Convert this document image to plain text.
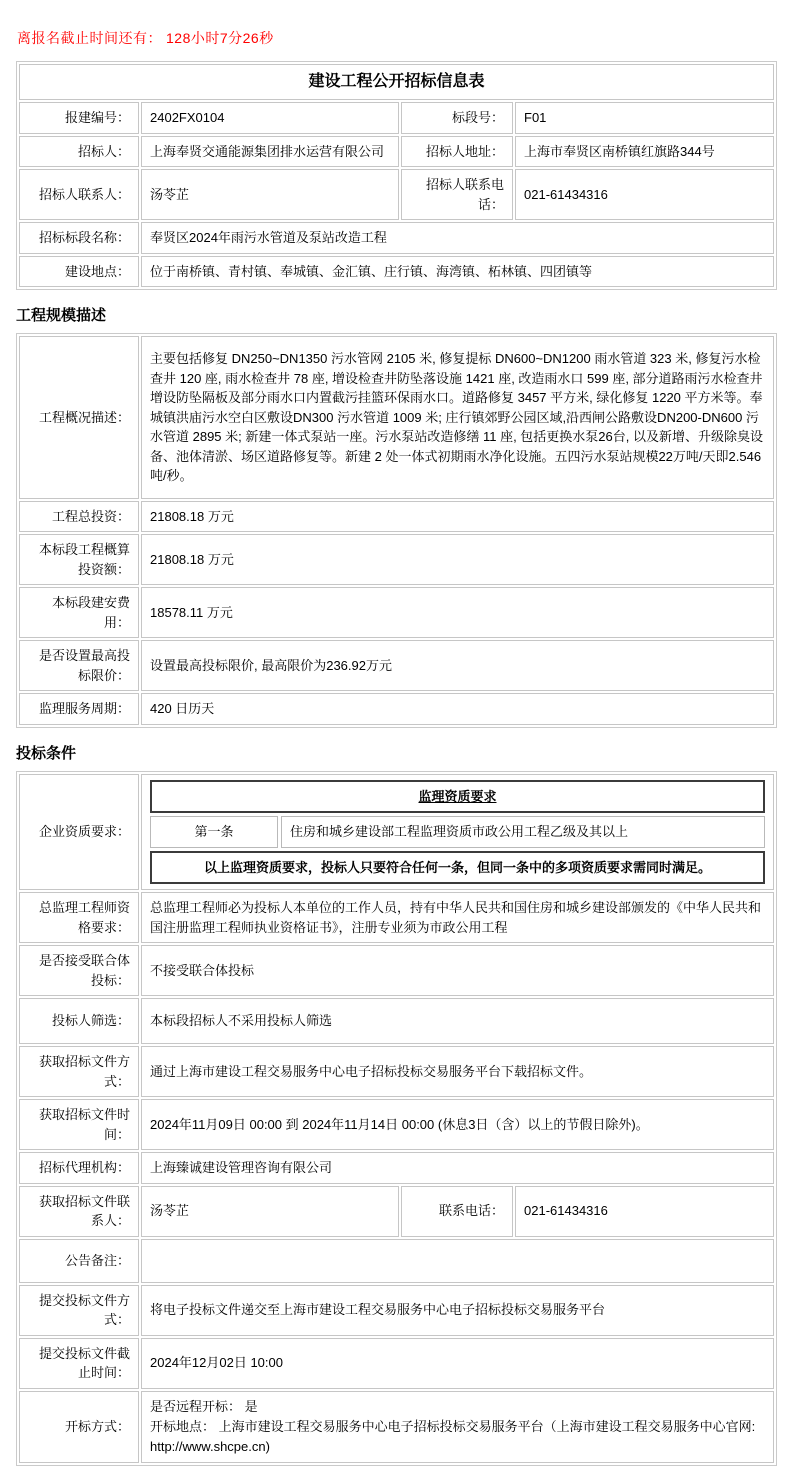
离报名截止时间还有： 128小时7分26秒
建设工程公开招标信息表			
报建编号：	2402FX0104	标段号：	F01
招标人：	上海奉贤交通能源集团排水运营有限公司	招标人地址：	上海市奉贤区南桥镇红旗路344号
招标人联系人：	汤苓芷	招标人联系电话：	021-61434316
招标标段名称：	奉贤区2024年雨污水管道及泵站改造工程		
建设地点：	位于南桥镇、青村镇、奉城镇、金汇镇、庄行镇、海湾镇、柘林镇、四团镇等		
工程规模描述
工程概况描述：	主要包括修复 DN250~DN1350 污水管网 2105 米, 修复提标 DN600~DN1200 雨水管道 323 米, 修复污水检查井 120 座, 雨水检查井 78 座, 增设检查井防坠落设施 1421 座, 改造雨水口 599 座, 部分道路雨污水检查井增设防坠隔板及部分雨水口内置截污挂篮环保雨水口。道路修复 3457 平方米, 绿化修复 1220 平方米等。奉城镇洪庙污水空白区敷设DN300 污水管道 1009 米; 庄行镇郊野公园区域,沿西闸公路敷设DN200-DN600 污水管道 2895 米; 新建一体式泵站一座。污水泵站改造修缮 11 座, 包括更换水泵26台, 以及新增、升级除臭设备、池体清淤、场区道路修复等。新建 2 处一体式初期雨水净化设施。五四污水泵站规模22万吨/天即2.546吨/秒。
工程总投资：	21808.18 万元
本标段工程概算投资额：	21808.18 万元
本标段建安费用：	18578.11 万元
是否设置最高投标限价：	设置最高投标限价, 最高限价为236.92万元
监理服务周期：	420 日历天
投标条件
企业资质要求：	监理资质要求
第一条 住房和城乡建设部工程监理资质市政公用工程乙级及其以上
以上监理资质要求，投标人只要符合任何一条，但同一条中的多项资质要求需同时满足。		

总监理工程师资格要求：	总监理工程师必为投标人本单位的工作人员，持有中华人民共和国住房和城乡建设部颁发的《中华人民共和国注册监理工程师执业资格证书》，注册专业须为市政公用工程		
是否接受联合体投标：	不接受联合体投标		
投标人筛选：	本标段招标人不采用投标人筛选		
获取招标文件方式：	通过上海市建设工程交易服务中心电子招标投标交易服务平台下载招标文件。		
获取招标文件时间：	2024年11月09日 00:00 到 2024年11月14日 00:00 (休息3日（含）以上的节假日除外)。		
招标代理机构：	上海臻诚建设管理咨询有限公司		
获取招标文件联系人：	汤苓芷	联系电话：	021-61434316
公告备注：			
提交投标文件方式：	将电子投标文件递交至上海市建设工程交易服务中心电子招标投标交易服务平台		
提交投标文件截止时间：	2024年12月02日 10:00		
开标方式：	是否远程开标： 是
开标地点： 上海市建设工程交易服务中心电子招标投标交易服务平台（上海市建设工程交易服务中心官网: http://www.shcpe.cn)		
